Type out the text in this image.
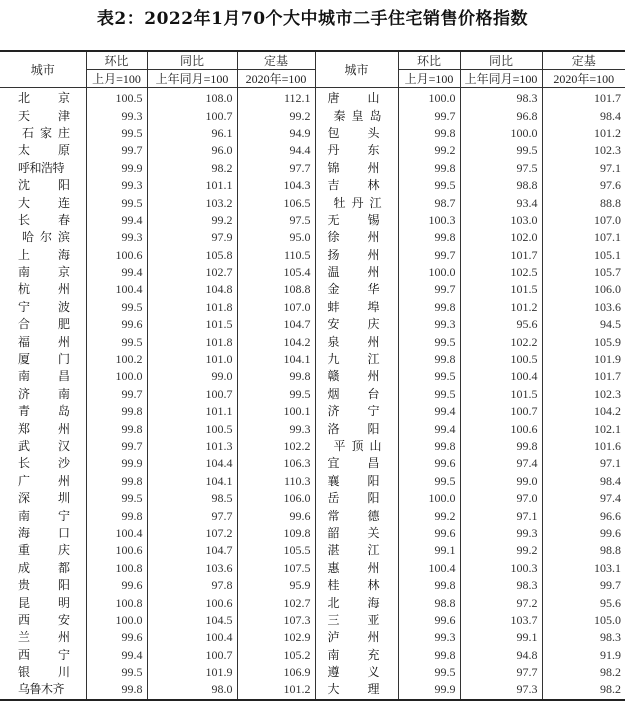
表2：2022年1月70个大中城市二手住宅销售价格指数
城市	环比	同比	定基	城市	环比	同比	定基
	上月=100	上年同月=100	2020年=100		上月=100	上年同月=100	2020年=100

北京	100.5	108.0	112.1	唐山	100.0	98.3	101.7

天津	99.3	100.7	99.2	秦皇岛	99.7	96.8	98.4

石家庄	99.5	96.1	94.9	包头	99.8	100.0	101.2

太原	99.7	96.0	94.4	丹东	99.2	99.5	102.3

呼和浩特	99.9	98.2	97.7	锦州	99.8	97.5	97.1

沈阳	99.3	101.1	104.3	吉林	99.5	98.8	97.6

大连	99.5	103.2	106.5	牡丹江	98.7	93.4	88.8

长春	99.4	99.2	97.5	无锡	100.3	103.0	107.0

哈尔滨	99.3	97.9	95.0	徐州	99.8	102.0	107.1

上海	100.6	105.8	110.5	扬州	99.7	101.7	105.1

南京	99.4	102.7	105.4	温州	100.0	102.5	105.7

杭州	100.4	104.8	108.8	金华	99.7	101.5	106.0

宁波	99.5	101.8	107.0	蚌埠	99.8	101.2	103.6

合肥	99.6	101.5	104.7	安庆	99.3	95.6	94.5

福州	99.5	101.8	104.2	泉州	99.5	102.2	105.9

厦门	100.2	101.0	104.1	九江	99.8	100.5	101.9

南昌	100.0	99.0	99.8	赣州	99.5	100.4	101.7

济南	99.7	100.7	99.5	烟台	99.5	101.5	102.3

青岛	99.8	101.1	100.1	济宁	99.4	100.7	104.2

郑州	99.8	100.5	99.3	洛阳	99.4	100.6	102.1

武汉	99.7	101.3	102.2	平顶山	99.8	99.8	101.6

长沙	99.9	104.4	106.3	宜昌	99.6	97.4	97.1

广州	99.8	104.1	110.3	襄阳	99.5	99.0	98.4

深圳	99.5	98.5	106.0	岳阳	100.0	97.0	97.4

南宁	99.8	97.7	99.6	常德	99.2	97.1	96.6

海口	100.4	107.2	109.8	韶关	99.6	99.3	99.6

重庆	100.6	104.7	105.5	湛江	99.1	99.2	98.8

成都	100.8	103.6	107.5	惠州	100.4	100.3	103.1

贵阳	99.6	97.8	95.9	桂林	99.8	98.3	99.7

昆明	100.8	100.6	102.7	北海	98.8	97.2	95.6

西安	100.0	104.5	107.3	三亚	99.6	103.7	105.0

兰州	99.6	100.4	102.9	泸州	99.3	99.1	98.3

西宁	99.4	100.7	105.2	南充	99.8	94.8	91.9

银川	99.5	101.9	106.9	遵义	99.5	97.7	98.2

乌鲁木齐	99.8	98.0	101.2	大理	99.9	97.3	98.2
